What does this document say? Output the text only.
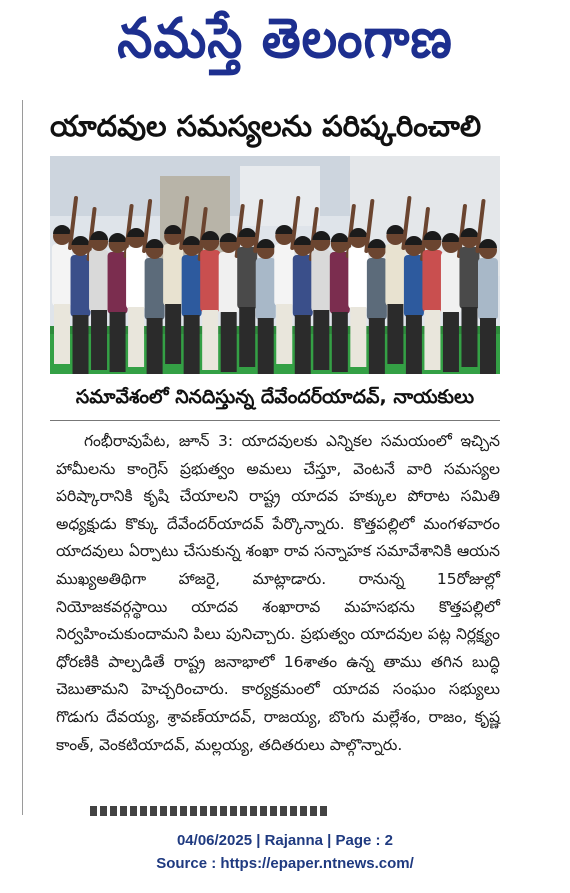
నమస్తే తెలంగాణ
యాదవుల సమస్యలను పరిష్కరించాలి
సమావేశంలో నినదిస్తున్న దేవేందర్‌యాదవ్, నాయకులు

గంభీరావుపేట, జూన్ 3: యాదవులకు ఎన్నికల సమయంలో ఇచ్చిన హామీలను కాంగ్రెస్ ప్రభుత్వం అమలు చేస్తూ, వెంటనే వారి సమస్యల పరిష్కారానికి కృషి చేయాలని రాష్ట్ర యాదవ హక్కుల పోరాట సమితి అధ్యక్షుడు కొక్కు దేవేందర్‌యాదవ్ పేర్కొన్నారు. కొత్తపల్లిలో మంగళవారం యాదవులు ఏర్పాటు చేసుకున్న శంఖా రావ సన్నాహక సమావేశానికి ఆయన ముఖ్యఅతిథిగా హాజరై, మాట్లాడారు. రానున్న 15రోజుల్లో నియోజకవర్గస్థాయి యాదవ శంఖారావ మహసభను కొత్తపల్లిలో నిర్వహించుకుందామని పిలు పునిచ్చారు. ప్రభుత్వం యాదవుల పట్ల నిర్లక్ష్యం ధోరణికి పాల్పడితే రాష్ట్ర జనాభాలో 16శాతం ఉన్న తాము తగిన బుద్ధి చెబుతామని హెచ్చరించారు. కార్యక్రమంలో యాదవ సంఘం సభ్యులు గొడుగు దేవయ్య, శ్రావణ్‌యాదవ్, రాజయ్య, బొంగు మల్లేశం, రాజం, కృష్ణ కాంత్, వెంకటియాదవ్, మల్లయ్య, తదితరులు పాల్గొన్నారు.

04/06/2025 | Rajanna | Page : 2
Source : https://epaper.ntnews.com/
